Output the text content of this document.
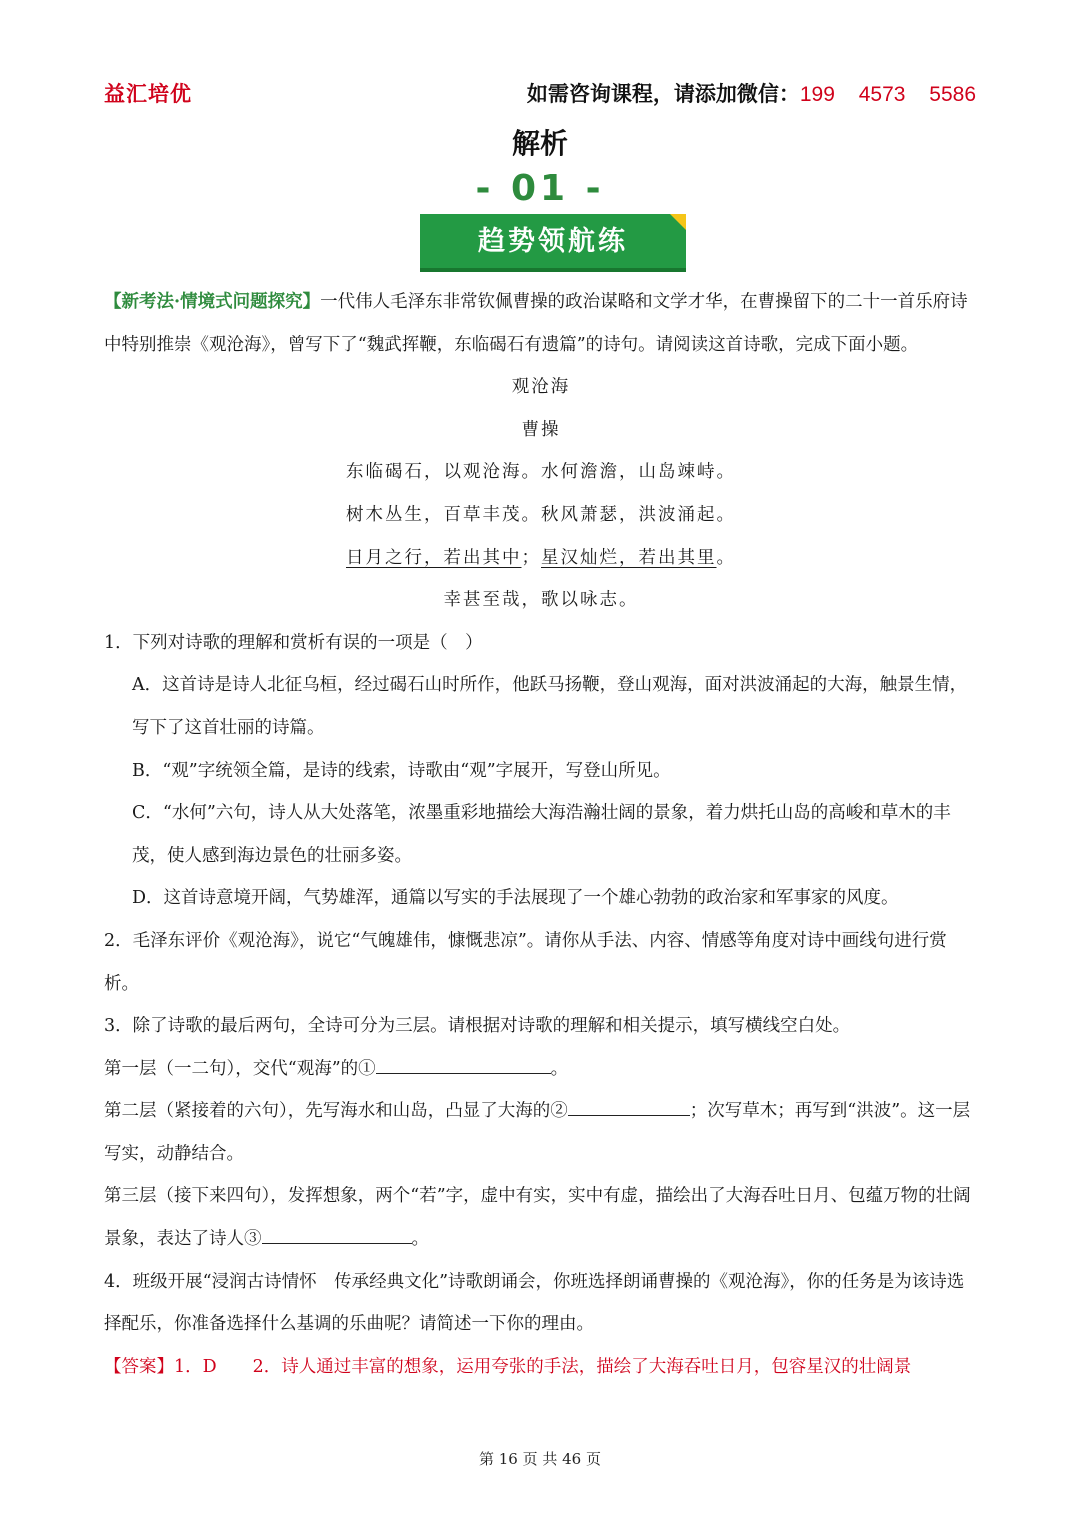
益汇培优	如需咨询课程，请添加微信：199 4573 5586
解析
- 01 -
趋势领航练

【新考法·情境式问题探究】一代伟人毛泽东非常钦佩曹操的政治谋略和文学才华，在曹操留下的二十一首乐府诗中特别推崇《观沧海》，曾写下了“魏武挥鞭，东临碣石有遗篇”的诗句。请阅读这首诗歌，完成下面小题。

观沧海

曹操

东临碣石，以观沧海。水何澹澹，山岛竦峙。

树木丛生，百草丰茂。秋风萧瑟，洪波涌起。

日月之行，若出其中；星汉灿烂，若出其里。

幸甚至哉，歌以咏志。

1．下列对诗歌的理解和赏析有误的一项是（　）

A．这首诗是诗人北征乌桓，经过碣石山时所作，他跃马扬鞭，登山观海，面对洪波涌起的大海，触景生情，写下了这首壮丽的诗篇。

B．“观”字统领全篇，是诗的线索，诗歌由“观”字展开，写登山所见。

C．“水何”六句，诗人从大处落笔，浓墨重彩地描绘大海浩瀚壮阔的景象，着力烘托山岛的高峻和草木的丰茂，使人感到海边景色的壮丽多姿。

D．这首诗意境开阔，气势雄浑，通篇以写实的手法展现了一个雄心勃勃的政治家和军事家的风度。

2．毛泽东评价《观沧海》，说它“气魄雄伟，慷慨悲凉”。请你从手法、内容、情感等角度对诗中画线句进行赏析。

3．除了诗歌的最后两句，全诗可分为三层。请根据对诗歌的理解和相关提示，填写横线空白处。

第一层（一二句），交代“观海”的①	。

第二层（紧接着的六句），先写海水和山岛，凸显了大海的②	；次写草木；再写到“洪波”。这一层写实，动静结合。

第三层（接下来四句），发挥想象，两个“若”字，虚中有实，实中有虚，描绘出了大海吞吐日月、包蕴万物的壮阔景象，表达了诗人③	。

4．班级开展“浸润古诗情怀　传承经典文化”诗歌朗诵会，你班选择朗诵曹操的《观沧海》，你的任务是为该诗选择配乐，你准备选择什么基调的乐曲呢？请简述一下你的理由。

【答案】1．D 2．诗人通过丰富的想象，运用夸张的手法，描绘了大海吞吐日月，包容星汉的壮阔景

第 16 页 共 46 页
